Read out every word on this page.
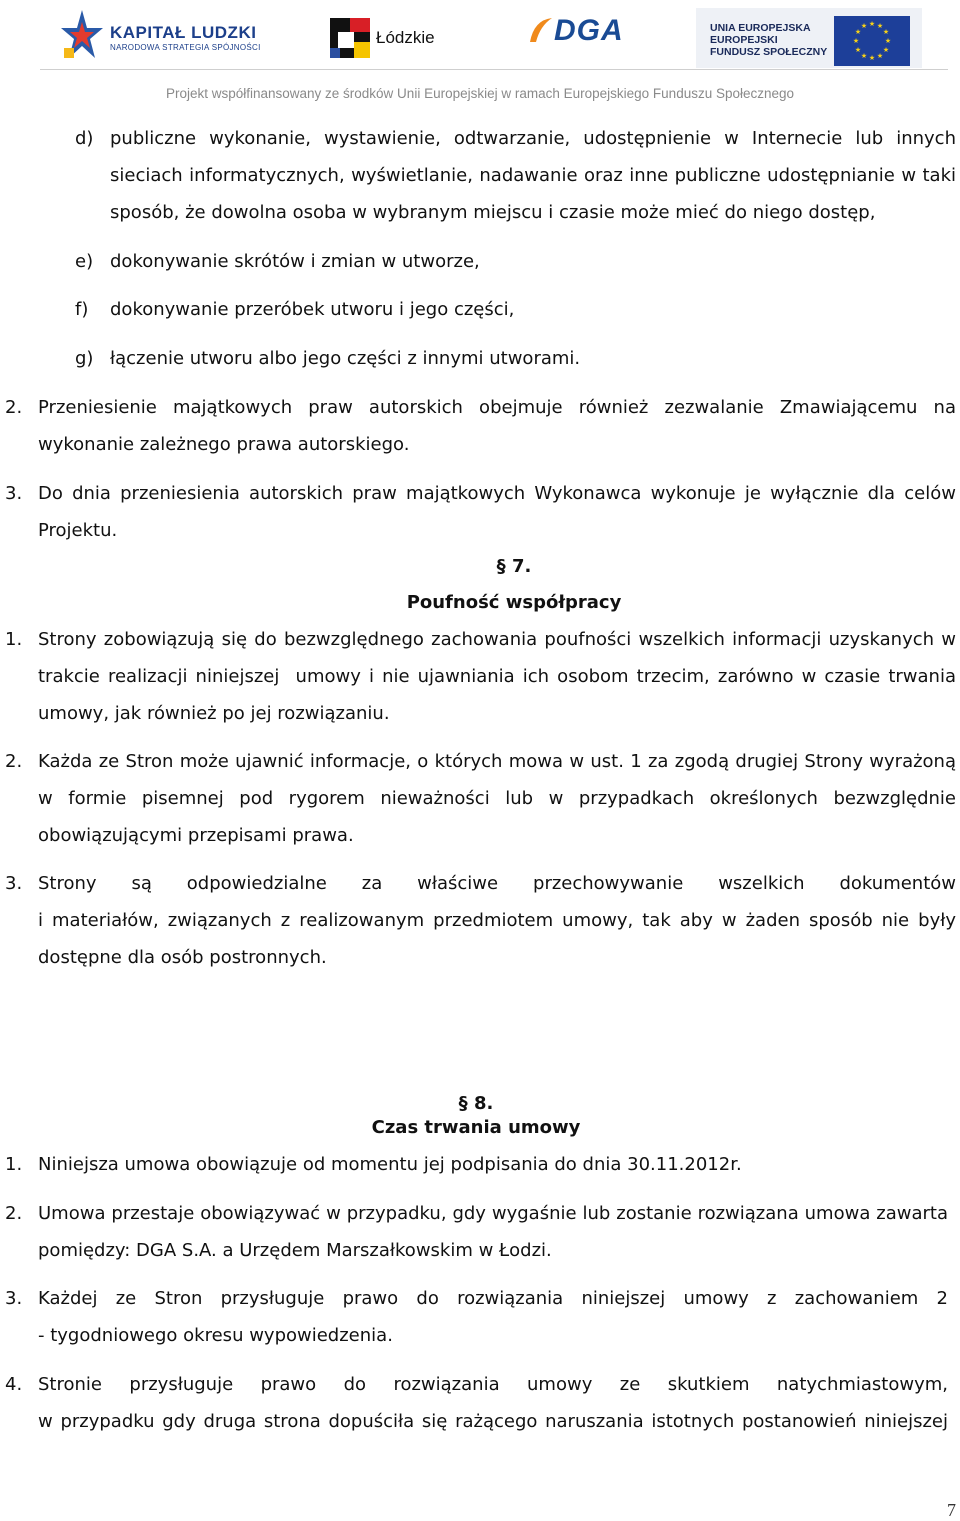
KAPITAŁ LUDZKI
NARODOWA STRATEGIA SPÓJNOŚCI	Łódzkie	DGA	UNIA EUROPEJSKA
EUROPEJSKI
FUNDUSZ SPOŁECZNY
★ ★
★
★
★
★
★
★
★
★
★
★
Projekt współfinansowany ze środków Unii Europejskiej w ramach Europejskiego Funduszu Społecznego
d) publiczne wykonanie, wystawienie, odtwarzanie, udostępnienie w Internecie lub innych
sieciach informatycznych, wyświetlanie, nadawanie oraz inne publiczne udostępnianie w taki
sposób, że dowolna osoba w wybranym miejscu i czasie może mieć do niego dostęp,
e) dokonywanie skrótów i zmian w utworze,
f) dokonywanie przeróbek utworu i jego części,
g) łączenie utworu albo jego części z innymi utworami.
2. Przeniesienie majątkowych praw autorskich obejmuje również zezwalanie Zmawiającemu na
wykonanie zależnego prawa autorskiego.
3. Do dnia przeniesienia autorskich praw majątkowych Wykonawca wykonuje je wyłącznie dla celów
Projektu.
§ 7.
Poufność współpracy
1. Strony zobowiązują się do bezwzględnego zachowania poufności wszelkich informacji uzyskanych w
trakcie realizacji niniejszej  umowy i nie ujawniania ich osobom trzecim, zarówno w czasie trwania
umowy, jak również po jej rozwiązaniu.
2. Każda ze Stron może ujawnić informacje, o których mowa w ust. 1 za zgodą drugiej Strony wyrażoną
w formie pisemnej pod rygorem nieważności lub w przypadkach określonych bezwzględnie
obowiązującymi przepisami prawa.
3. Strony są odpowiedzialne za właściwe przechowywanie wszelkich dokumentów
i materiałów, związanych z realizowanym przedmiotem umowy, tak aby w żaden sposób nie były
dostępne dla osób postronnych.
§ 8.
Czas trwania umowy
1. Niniejsza umowa obowiązuje od momentu jej podpisania do dnia 30.11.2012r.
2. Umowa przestaje obowiązywać w przypadku, gdy wygaśnie lub zostanie rozwiązana umowa zawarta
pomiędzy: DGA S.A. a Urzędem Marszałkowskim w Łodzi.
3. Każdej ze Stron przysługuje prawo do rozwiązania niniejszej umowy z zachowaniem 2
- tygodniowego okresu wypowiedzenia.
4. Stronie przysługuje prawo do rozwiązania umowy ze skutkiem natychmiastowym,
w przypadku gdy druga strona dopuściła się rażącego naruszania istotnych postanowień niniejszej
7
